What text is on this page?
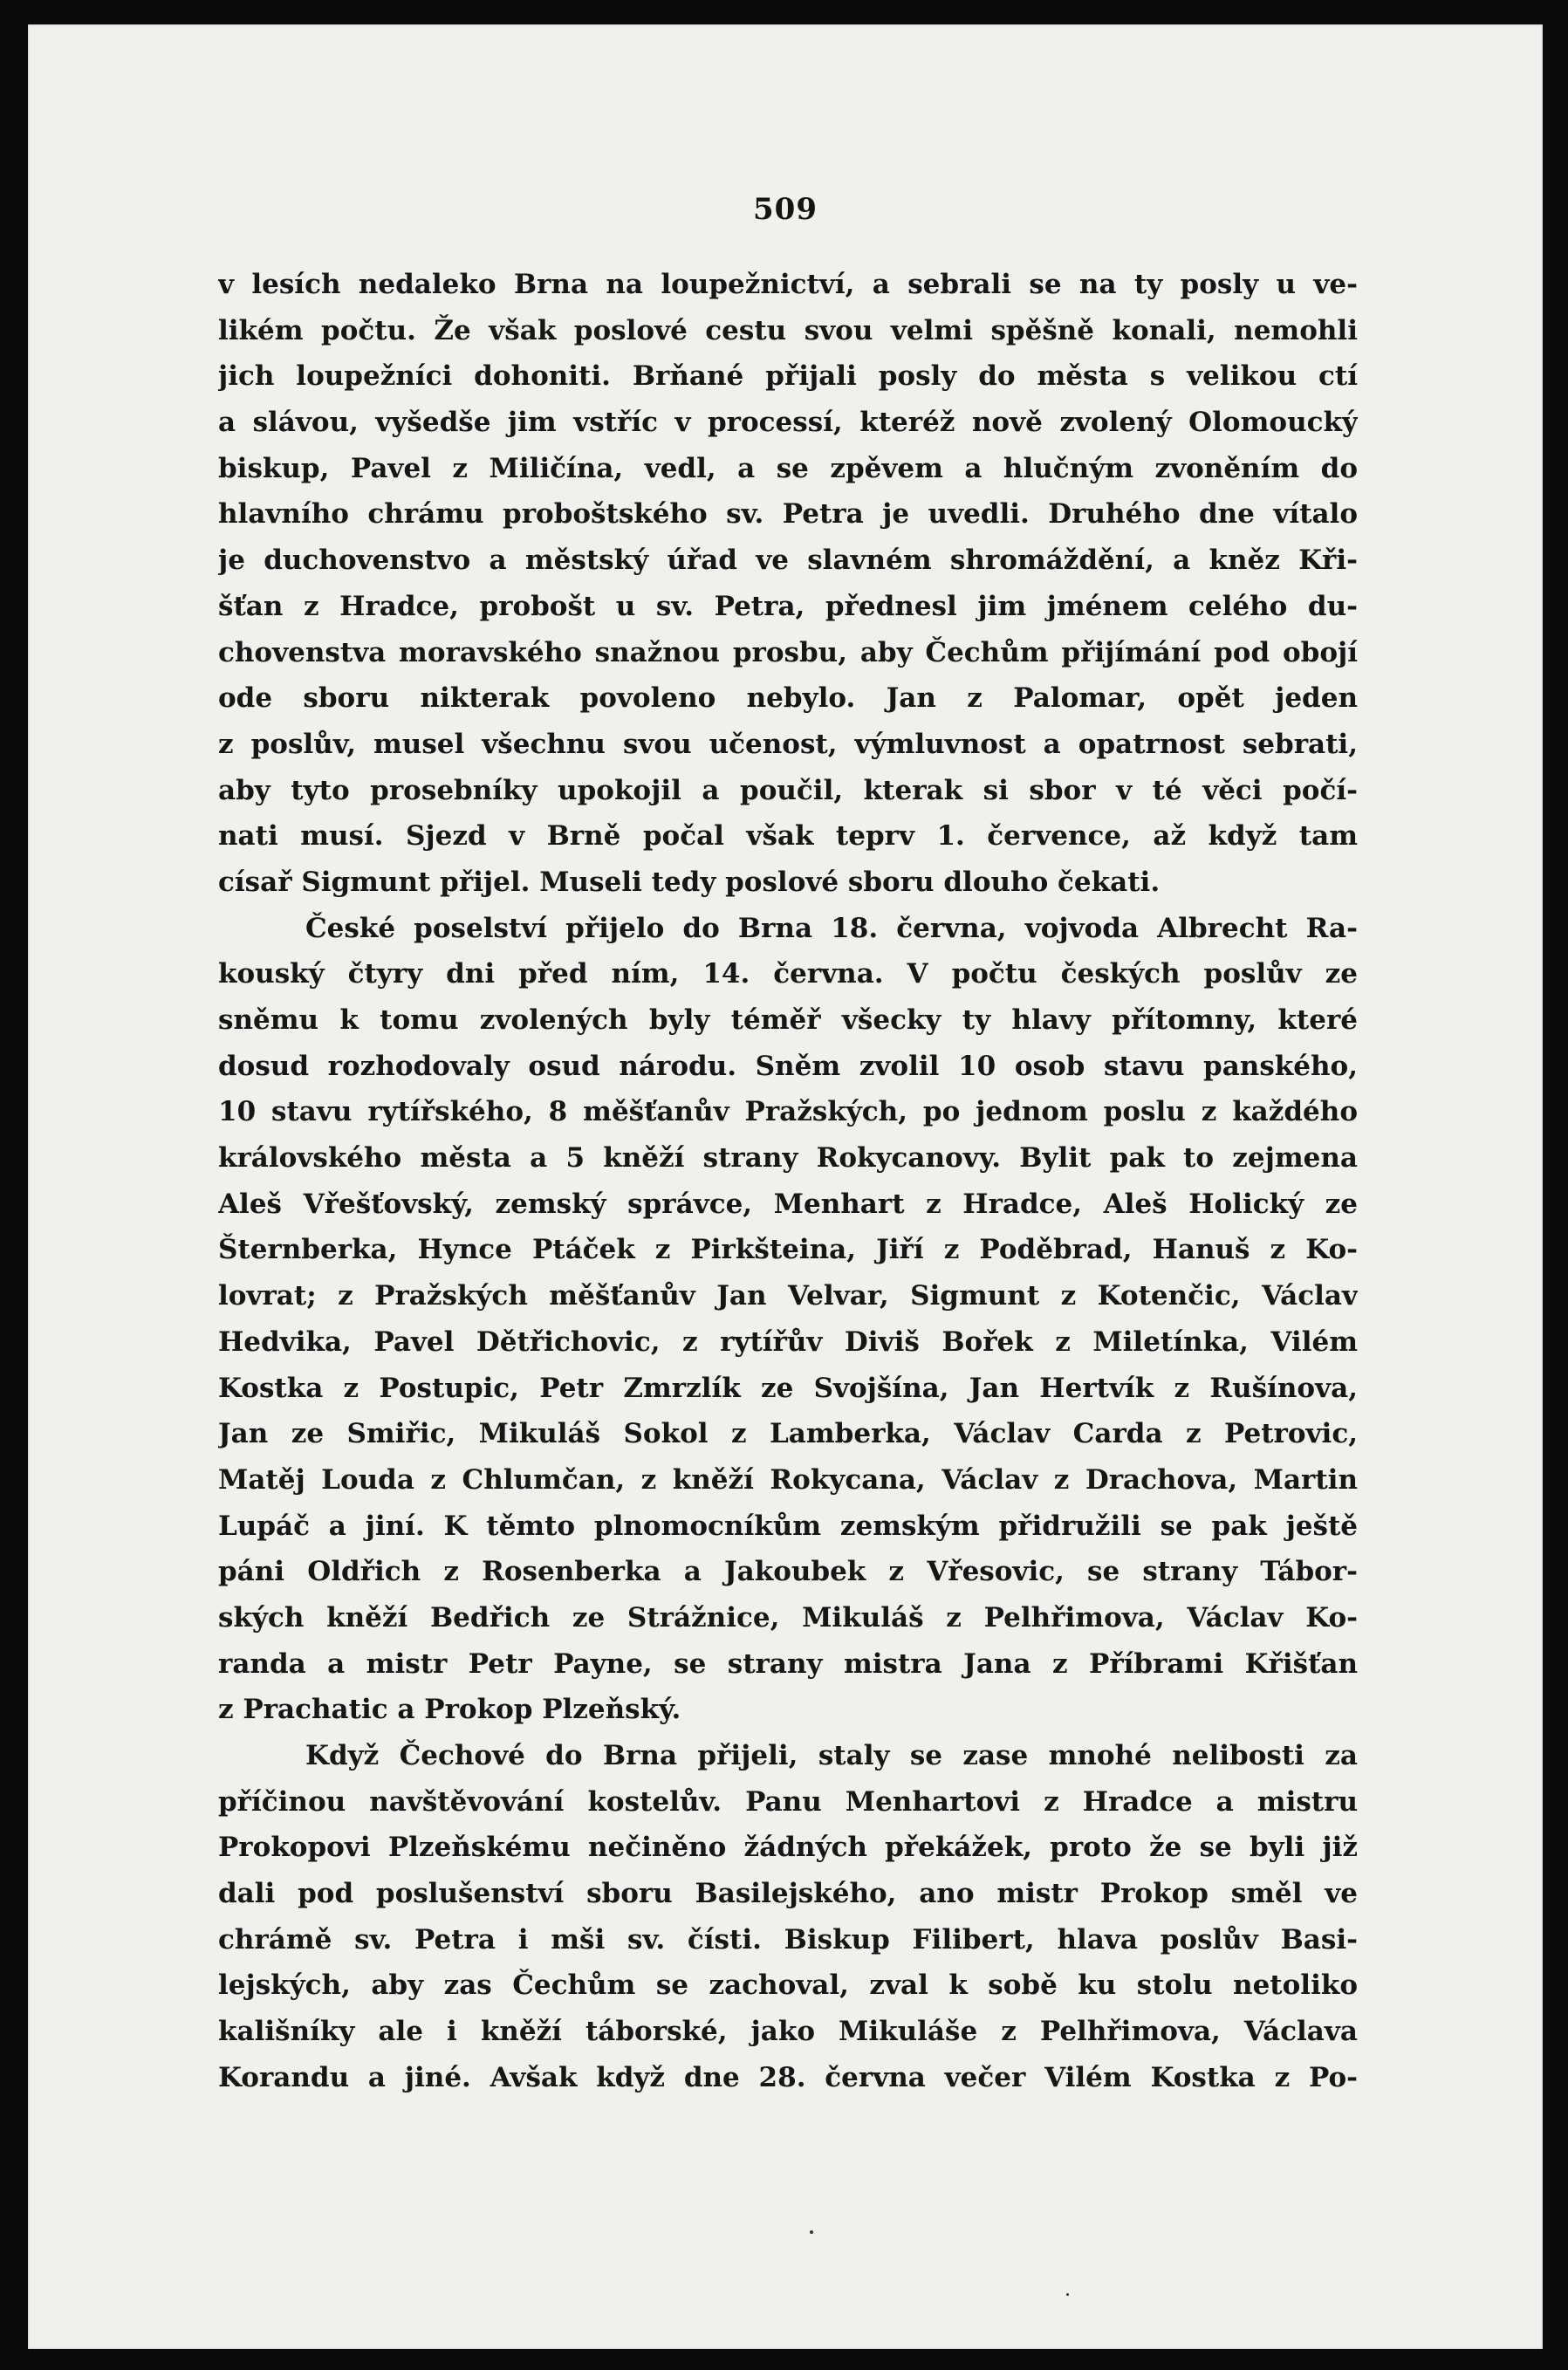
509
v lesích nedaleko Brna na loupežnictví, a sebrali se na ty posly u ve-
likém počtu. Že však poslové cestu svou velmi spěšně konali, nemohli
jich loupežníci dohoniti. Brňané přijali posly do města s velikou ctí
a slávou, vyšedše jim vstříc v processí, kteréž nově zvolený Olomoucký
biskup, Pavel z Miličína, vedl, a se zpěvem a hlučným zvoněním do
hlavního chrámu proboštského sv. Petra je uvedli. Druhého dne vítalo
je duchovenstvo a městský úřad ve slavném shromáždění, a kněz Kři-
šťan z Hradce, probošt u sv. Petra, přednesl jim jménem celého du-
chovenstva moravského snažnou prosbu, aby Čechům přijímání pod obojí
ode sboru nikterak povoleno nebylo. Jan z Palomar, opět jeden
z poslův, musel všechnu svou učenost, výmluvnost a opatrnost sebrati,
aby tyto prosebníky upokojil a poučil, kterak si sbor v té věci počí-
nati musí. Sjezd v Brně počal však teprv 1. července, až když tam
císař Sigmunt přijel. Museli tedy poslové sboru dlouho čekati.
České poselství přijelo do Brna 18. června, vojvoda Albrecht Ra-
kouský čtyry dni před ním, 14. června. V počtu českých poslův ze
sněmu k tomu zvolených byly téměř všecky ty hlavy přítomny, které
dosud rozhodovaly osud národu. Sněm zvolil 10 osob stavu panského,
10 stavu rytířského, 8 měšťanův Pražských, po jednom poslu z každého
královského města a 5 kněží strany Rokycanovy. Bylit pak to zejmena
Aleš Vřešťovský, zemský správce, Menhart z Hradce, Aleš Holický ze
Šternberka, Hynce Ptáček z Pirkšteina, Jiří z Poděbrad, Hanuš z Ko-
lovrat; z Pražských měšťanův Jan Velvar, Sigmunt z Kotenčic, Václav
Hedvika, Pavel Dětřichovic, z rytířův Diviš Bořek z Miletínka, Vilém
Kostka z Postupic, Petr Zmrzlík ze Svojšína, Jan Hertvík z Rušínova,
Jan ze Smiřic, Mikuláš Sokol z Lamberka, Václav Carda z Petrovic,
Matěj Louda z Chlumčan, z kněží Rokycana, Václav z Drachova, Martin
Lupáč a jiní. K těmto plnomocníkům zemským přidružili se pak ještě
páni Oldřich z Rosenberka a Jakoubek z Vřesovic, se strany Tábor-
ských kněží Bedřich ze Strážnice, Mikuláš z Pelhřimova, Václav Ko-
randa a mistr Petr Payne, se strany mistra Jana z Příbrami Křišťan
z Prachatic a Prokop Plzeňský.
Když Čechové do Brna přijeli, staly se zase mnohé nelibosti za
příčinou navštěvování kostelův. Panu Menhartovi z Hradce a mistru
Prokopovi Plzeňskému nečiněno žádných překážek, proto že se byli již
dali pod poslušenství sboru Basilejského, ano mistr Prokop směl ve
chrámě sv. Petra i mši sv. čísti. Biskup Filibert, hlava poslův Basi-
lejských, aby zas Čechům se zachoval, zval k sobě ku stolu netoliko
kališníky ale i kněží táborské, jako Mikuláše z Pelhřimova, Václava
Korandu a jiné. Avšak když dne 28. června večer Vilém Kostka z Po-
